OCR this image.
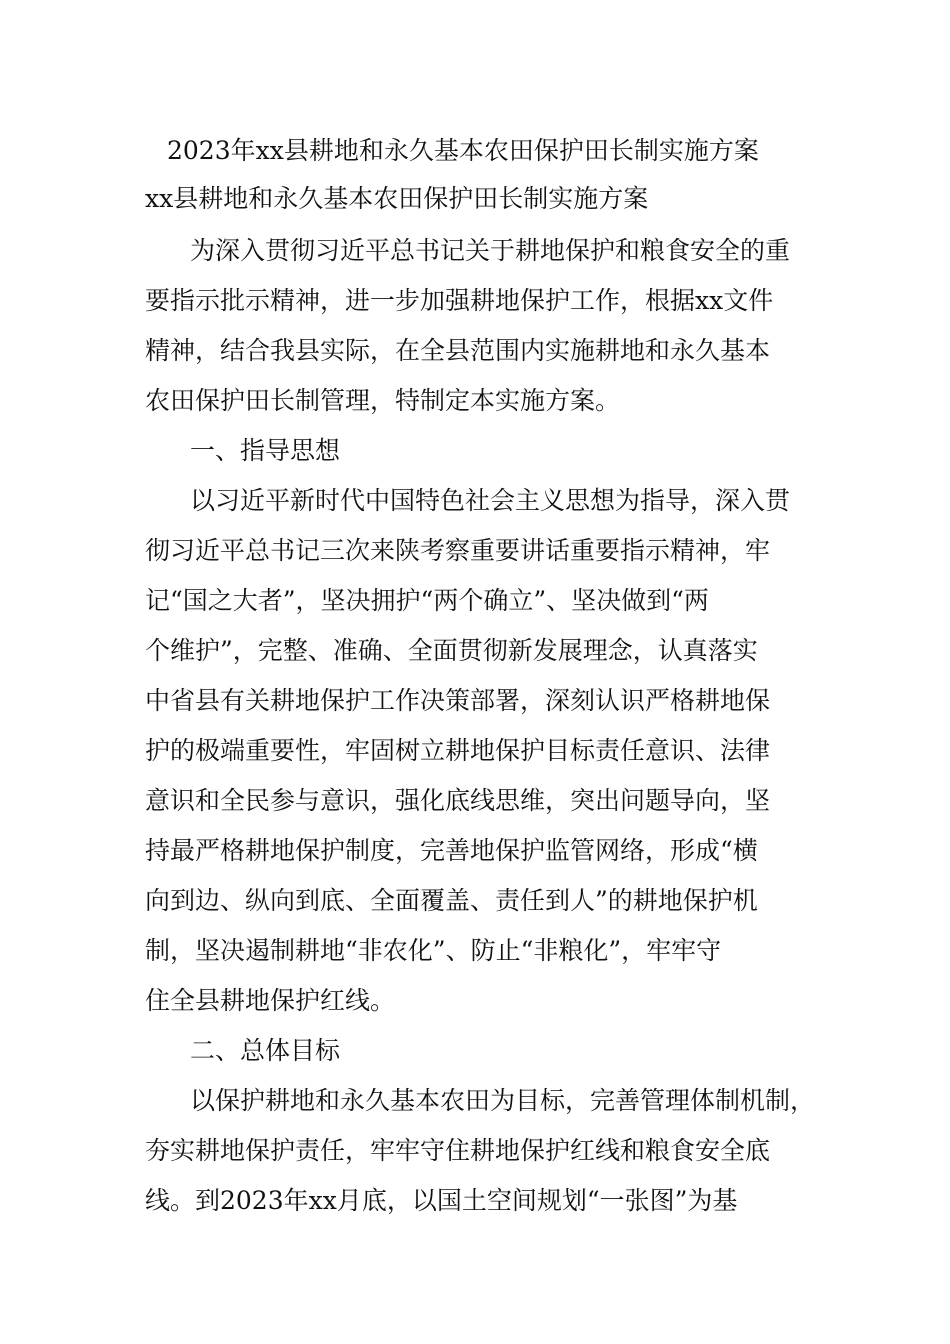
2023年xx县耕地和永久基本农田保护田长制实施方案

xx县耕地和永久基本农田保护田长制实施方案

为深入贯彻习近平总书记关于耕地保护和粮食安全的重

要指示批示精神，进一步加强耕地保护工作，根据xx文件

精神，结合我县实际，在全县范围内实施耕地和永久基本

农田保护田长制管理，特制定本实施方案。

一、指导思想

以习近平新时代中国特色社会主义思想为指导，深入贯

彻习近平总书记三次来陕考察重要讲话重要指示精神，牢

记“国之大者”，坚决拥护“两个确立”、坚决做到“两

个维护”，完整、准确、全面贯彻新发展理念，认真落实

中省县有关耕地保护工作决策部署，深刻认识严格耕地保

护的极端重要性，牢固树立耕地保护目标责任意识、法律

意识和全民参与意识，强化底线思维，突出问题导向，坚

持最严格耕地保护制度，完善地保护监管网络，形成“横

向到边、纵向到底、全面覆盖、责任到人”的耕地保护机

制，坚决遏制耕地“非农化”、防止“非粮化”，牢牢守

住全县耕地保护红线。

二、总体目标

以保护耕地和永久基本农田为目标，完善管理体制机制，

夯实耕地保护责任，牢牢守住耕地保护红线和粮食安全底

线。到2023年xx月底，以国土空间规划“一张图”为基
